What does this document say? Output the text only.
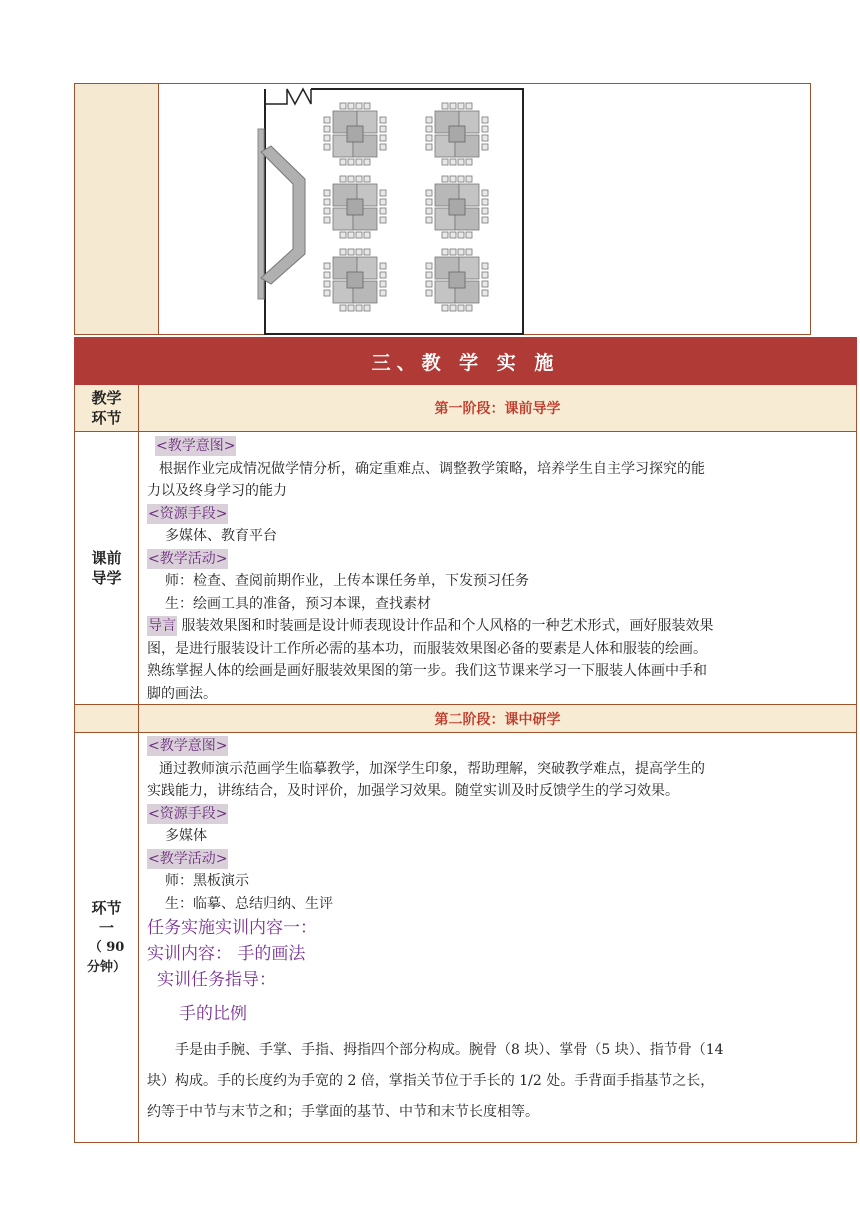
三、教 学 实 施
教学环节	第一阶段：课前导学
课前导学
<教学意图>
根据作业完成情况做学情分析，确定重难点、调整教学策略，培养学生自主学习探究的能
力以及终身学习的能力
<资源手段>
多媒体、教育平台
<教学活动>
师：检查、查阅前期作业，上传本课任务单，下发预习任务
生：绘画工具的准备，预习本课，查找素材
导言 服装效果图和时装画是设计师表现设计作品和个人风格的一种艺术形式，画好服装效果
图，是进行服装设计工作所必需的基本功，而服装效果图必备的要素是人体和服装的绘画。
熟练掌握人体的绘画是画好服装效果图的第一步。我们这节课来学习一下服装人体画中手和
脚的画法。
第二阶段：课中研学
环节
一
（ 90
分钟）
<教学意图>
通过教师演示范画学生临摹教学，加深学生印象，帮助理解，突破教学难点，提高学生的
实践能力，讲练结合，及时评价，加强学习效果。随堂实训及时反馈学生的学习效果。
<资源手段>
多媒体
<教学活动>
师：黑板演示
生：临摹、总结归纳、生评
任务实施实训内容一：
实训内容： 手的画法
实训任务指导：
手的比例
手是由手腕、手掌、手指、拇指四个部分构成。腕骨（8 块）、掌骨（5 块）、指节骨（14
块）构成。手的长度约为手宽的 2 倍，掌指关节位于手长的 1/2 处。手背面手指基节之长，
约等于中节与末节之和；手掌面的基节、中节和末节长度相等。
